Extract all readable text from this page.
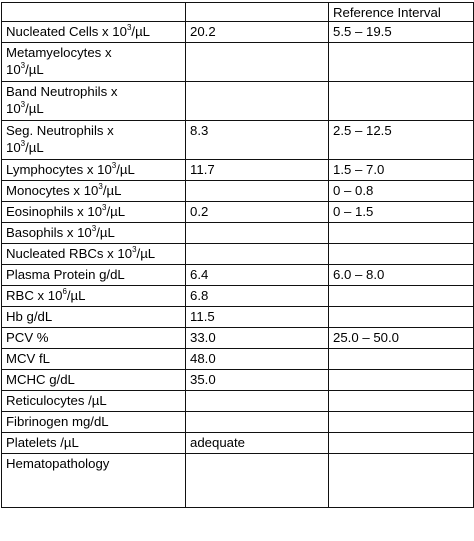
		Reference Interval
Nucleated Cells x $10^3/\mu L$	20.2	5.5 – 19.5
Metamyelocytes x
$10^3/\mu L$		
Band Neutrophils x
$10^3/\mu L$		
Seg. Neutrophils x
$10^3/\mu L$	8.3	2.5 – 12.5
Lymphocytes x $10^3/\mu L$	11.7	1.5 – 7.0
Monocytes x $10^3/\mu L$		0 – 0.8
Eosinophils x $10^3/\mu L$	0.2	0 – 1.5
Basophils x $10^3/\mu L$		
Nucleated RBCs x $10^3/\mu L$		
Plasma Protein g/dL	6.4	6.0 – 8.0
RBC x $10^6/\mu L$	6.8	
Hb g/dL	11.5	
PCV %	33.0	25.0 – 50.0
MCV fL	48.0	
MCHC g/dL	35.0	
Reticulocytes /µL		
Fibrinogen mg/dL		
Platelets /µL	adequate	
Hematopathology		
